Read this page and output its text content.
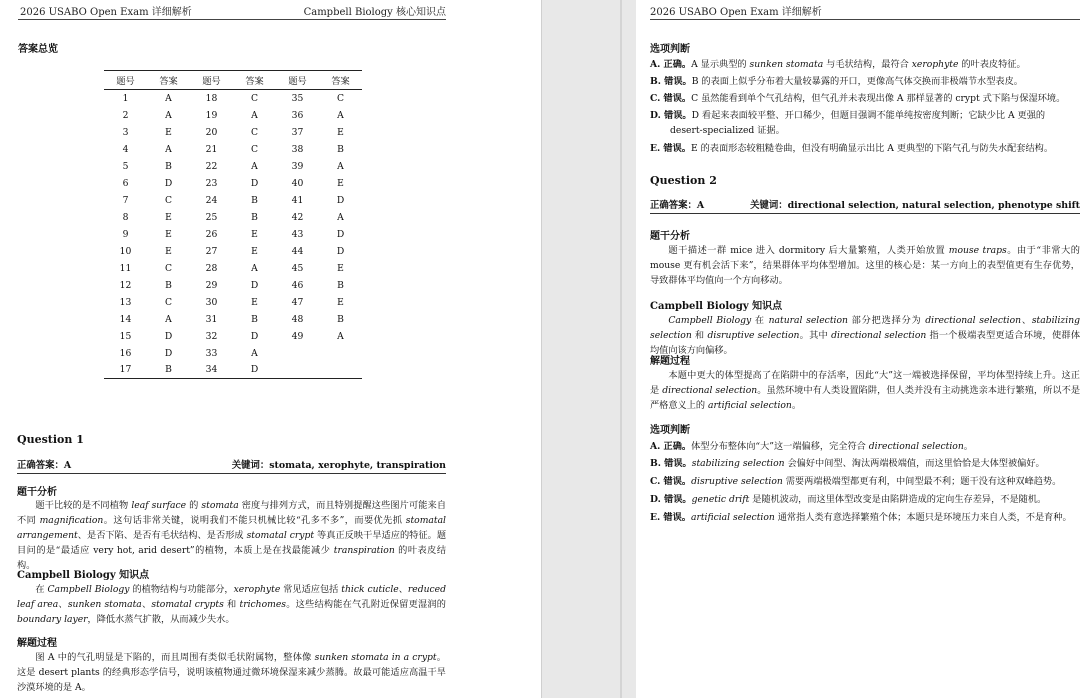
2026 USABO Open Exam 详细解析	Campbell Biology 核心知识点
答案总览
题号	答案	题号	答案	题号	答案
1	A	18	C	35	C
2	A	19	A	36	A
3	E	20	C	37	E
4	A	21	C	38	B
5	B	22	A	39	A
6	D	23	D	40	E
7	C	24	B	41	D
8	E	25	B	42	A
9	E	26	E	43	D
10	E	27	E	44	D
11	C	28	A	45	E
12	B	29	D	46	B
13	C	30	E	47	E
14	A	31	B	48	B
15	D	32	D	49	A
16	D	33	A		
17	B	34	D		
Question 1
正确答案：A	关键词：stomata, xerophyte, transpiration
题干分析
题干比较的是不同植物 leaf surface 的 stomata 密度与排列方式，而且特别提醒这些图片可能来自不同 magnification。这句话非常关键，说明我们不能只机械比较“孔多不多”，而要优先抓 stomatal arrangement、是否下陷、是否有毛状结构、是否形成 stomatal crypt 等真正反映干旱适应的特征。题目问的是“最适应 very hot, arid desert”的植物，本质上是在找最能减少 transpiration 的叶表皮结构。
Campbell Biology 知识点
在 Campbell Biology 的植物结构与功能部分，xerophyte 常见适应包括 thick cuticle、reduced leaf area、sunken stomata、stomatal crypts 和 trichomes。这些结构能在气孔附近保留更湿润的 boundary layer，降低水蒸气扩散，从而减少失水。
解题过程
图 A 中的气孔明显是下陷的，而且周围有类似毛状附属物，整体像 sunken stomata in a crypt。这是 desert plants 的经典形态学信号，说明该植物通过微环境保湿来减少蒸腾。故最可能适应高温干旱沙漠环境的是 A。
2026 USABO Open Exam 详细解析
选项判断
A. 正确。A 显示典型的 sunken stomata 与毛状结构，最符合 xerophyte 的叶表皮特征。
B. 错误。B 的表面上似乎分布着大量较暴露的开口，更像高气体交换而非极端节水型表皮。
C. 错误。C 虽然能看到单个气孔结构，但气孔并未表现出像 A 那样显著的 crypt 式下陷与保湿环境。
D. 错误。D 看起来表面较平整、开口稀少，但题目强调不能单纯按密度判断；它缺少比 A 更强的 desert-specialized 证据。
E. 错误。E 的表面形态较粗糙卷曲，但没有明确显示出比 A 更典型的下陷气孔与防失水配套结构。
Question 2
正确答案：A	关键词：directional selection, natural selection, phenotype shift
题干分析
题干描述一群 mice 进入 dormitory 后大量繁殖，人类开始放置 mouse traps。由于“非常大的 mouse 更有机会活下来”，结果群体平均体型增加。这里的核心是：某一方向上的表型值更有生存优势，导致群体平均值向一个方向移动。
Campbell Biology 知识点
Campbell Biology 在 natural selection 部分把选择分为 directional selection、stabilizing selection 和 disruptive selection。其中 directional selection 指一个极端表型更适合环境，使群体均值向该方向偏移。
解题过程
本题中更大的体型提高了在陷阱中的存活率，因此“大”这一端被选择保留，平均体型持续上升。这正是 directional selection。虽然环境中有人类设置陷阱，但人类并没有主动挑选亲本进行繁殖，所以不是严格意义上的 artificial selection。
选项判断
A. 正确。体型分布整体向“大”这一端偏移，完全符合 directional selection。
B. 错误。stabilizing selection 会偏好中间型、淘汰两端极端值，而这里恰恰是大体型被偏好。
C. 错误。disruptive selection 需要两端极端型都更有利，中间型最不利；题干没有这种双峰趋势。
D. 错误。genetic drift 是随机波动，而这里体型改变是由陷阱造成的定向生存差异，不是随机。
E. 错误。artificial selection 通常指人类有意选择繁殖个体；本题只是环境压力来自人类，不是育种。
